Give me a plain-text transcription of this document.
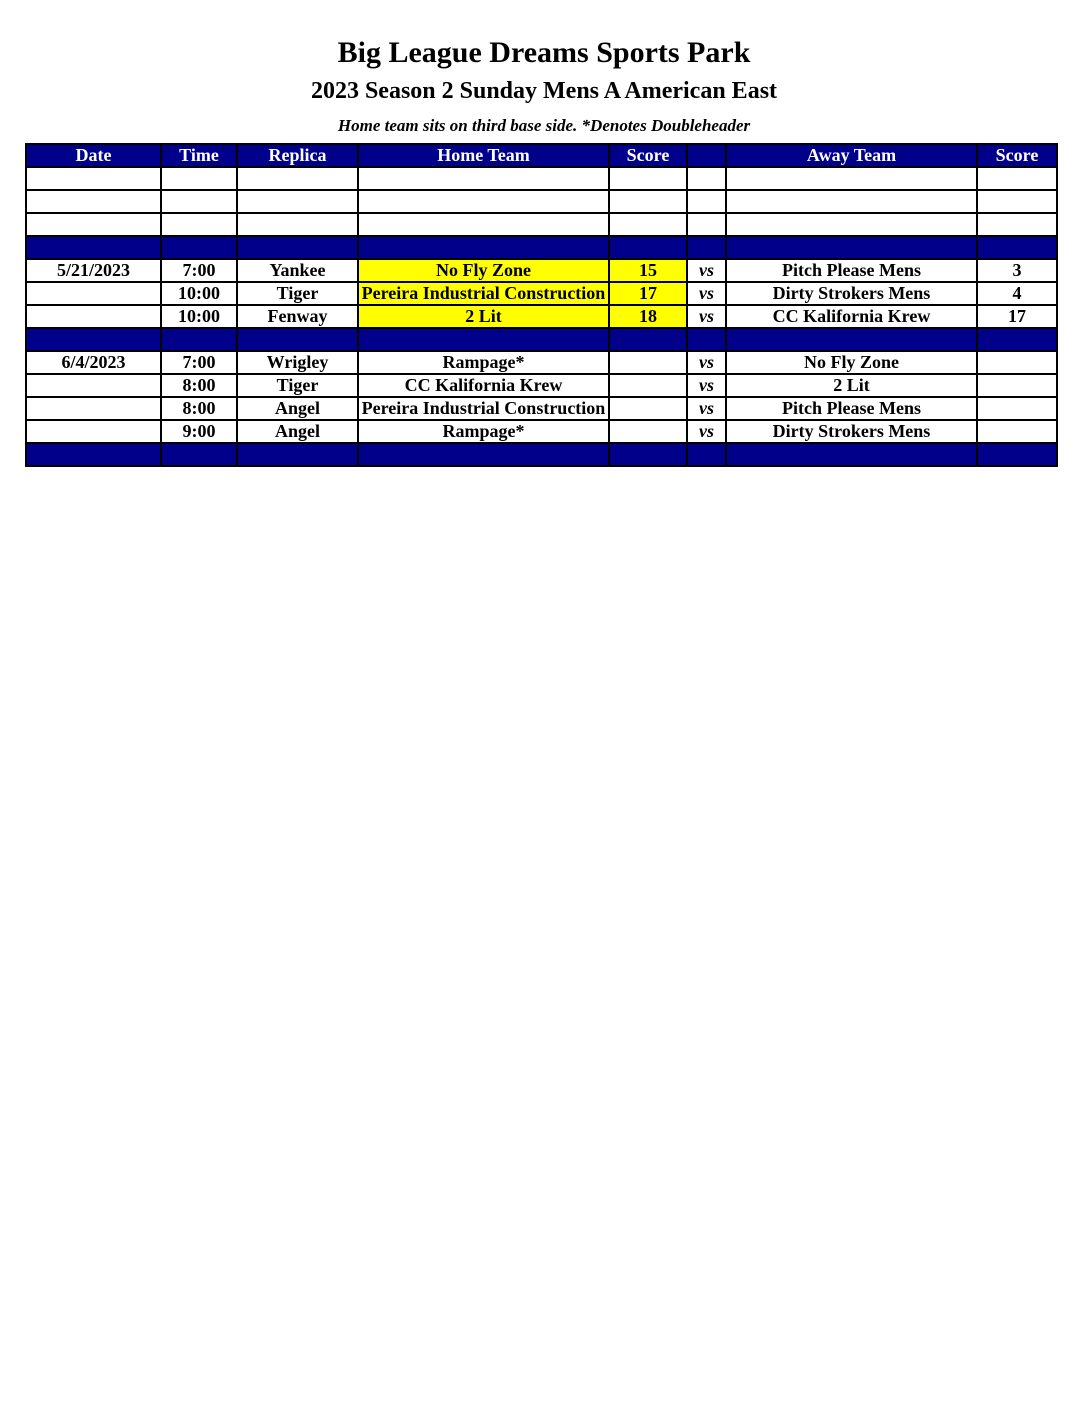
Big League Dreams Sports Park
2023 Season 2 Sunday Mens A American East
Home team sits on third base side. *Denotes Doubleheader
Date	Time	Replica	Home Team	Score		Away Team	Score

5/21/2023	7:00	Yankee	No Fly Zone	15	vs	Pitch Please Mens	3
	10:00	Tiger	Pereira Industrial Construction	17	vs	Dirty Strokers Mens	4
	10:00	Fenway	2 Lit	18	vs	CC Kalifornia Krew	17

6/4/2023	7:00	Wrigley	Rampage*		vs	No Fly Zone	
	8:00	Tiger	CC Kalifornia Krew		vs	2 Lit	
	8:00	Angel	Pereira Industrial Construction		vs	Pitch Please Mens	
	9:00	Angel	Rampage*		vs	Dirty Strokers Mens	
